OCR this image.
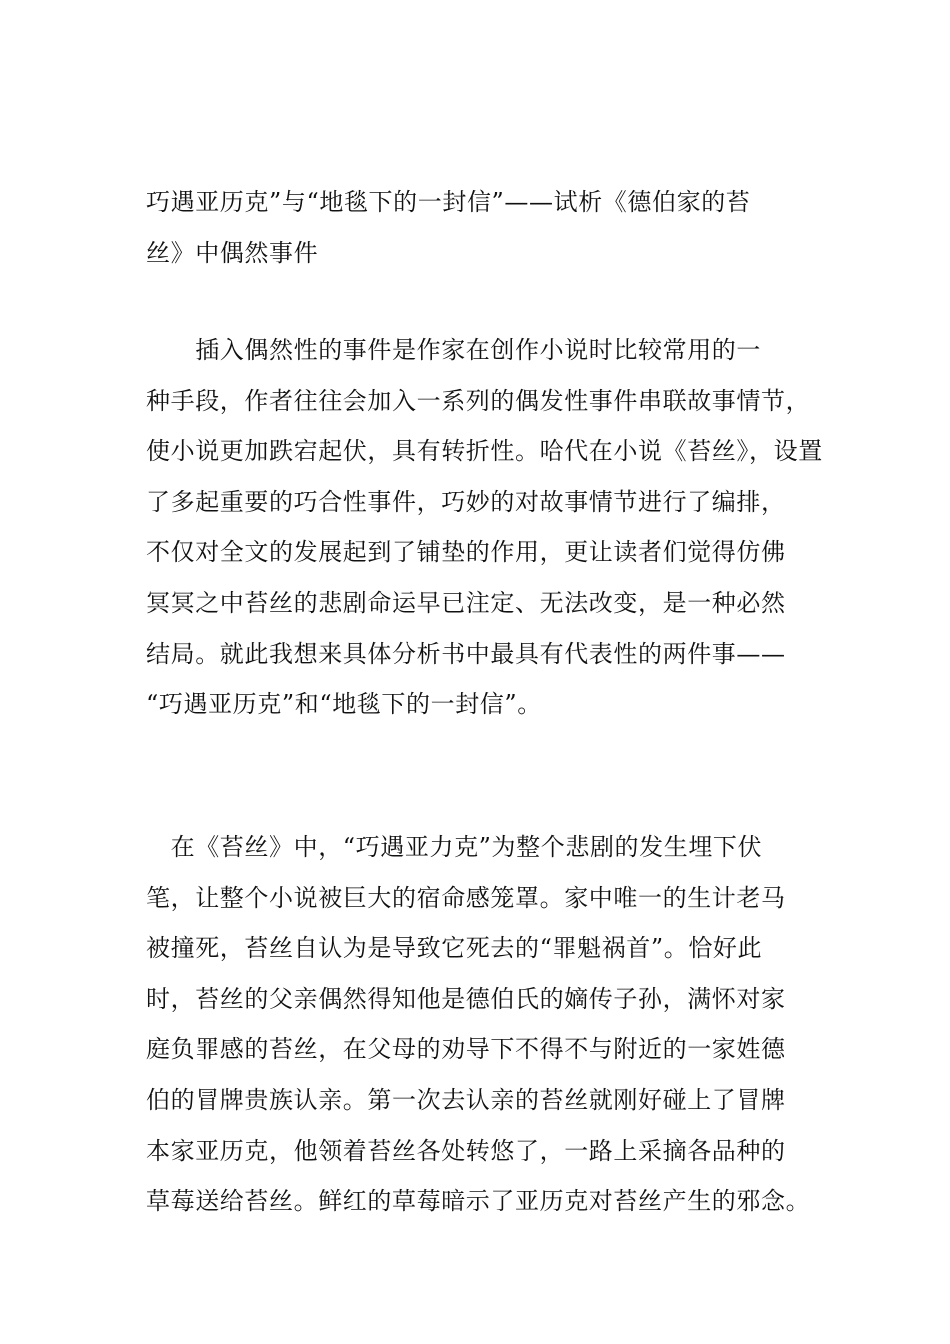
巧遇亚历克”与“地毯下的一封信”——试析《德伯家的苔
丝》中偶然事件
　　插入偶然性的事件是作家在创作小说时比较常用的一
种手段，作者往往会加入一系列的偶发性事件串联故事情节，
使小说更加跌宕起伏，具有转折性。哈代在小说《苔丝》，设置
了多起重要的巧合性事件，巧妙的对故事情节进行了编排，
不仅对全文的发展起到了铺垫的作用，更让读者们觉得仿佛
冥冥之中苔丝的悲剧命运早已注定、无法改变，是一种必然
结局。就此我想来具体分析书中最具有代表性的两件事——
“巧遇亚历克”和“地毯下的一封信”。
　在《苔丝》中，“巧遇亚力克”为整个悲剧的发生埋下伏
笔，让整个小说被巨大的宿命感笼罩。家中唯一的生计老马
被撞死，苔丝自认为是导致它死去的“罪魁祸首”。恰好此
时，苔丝的父亲偶然得知他是德伯氏的嫡传子孙，满怀对家
庭负罪感的苔丝，在父母的劝导下不得不与附近的一家姓德
伯的冒牌贵族认亲。第一次去认亲的苔丝就刚好碰上了冒牌
本家亚历克，他领着苔丝各处转悠了，一路上采摘各品种的
草莓送给苔丝。鲜红的草莓暗示了亚历克对苔丝产生的邪念。
